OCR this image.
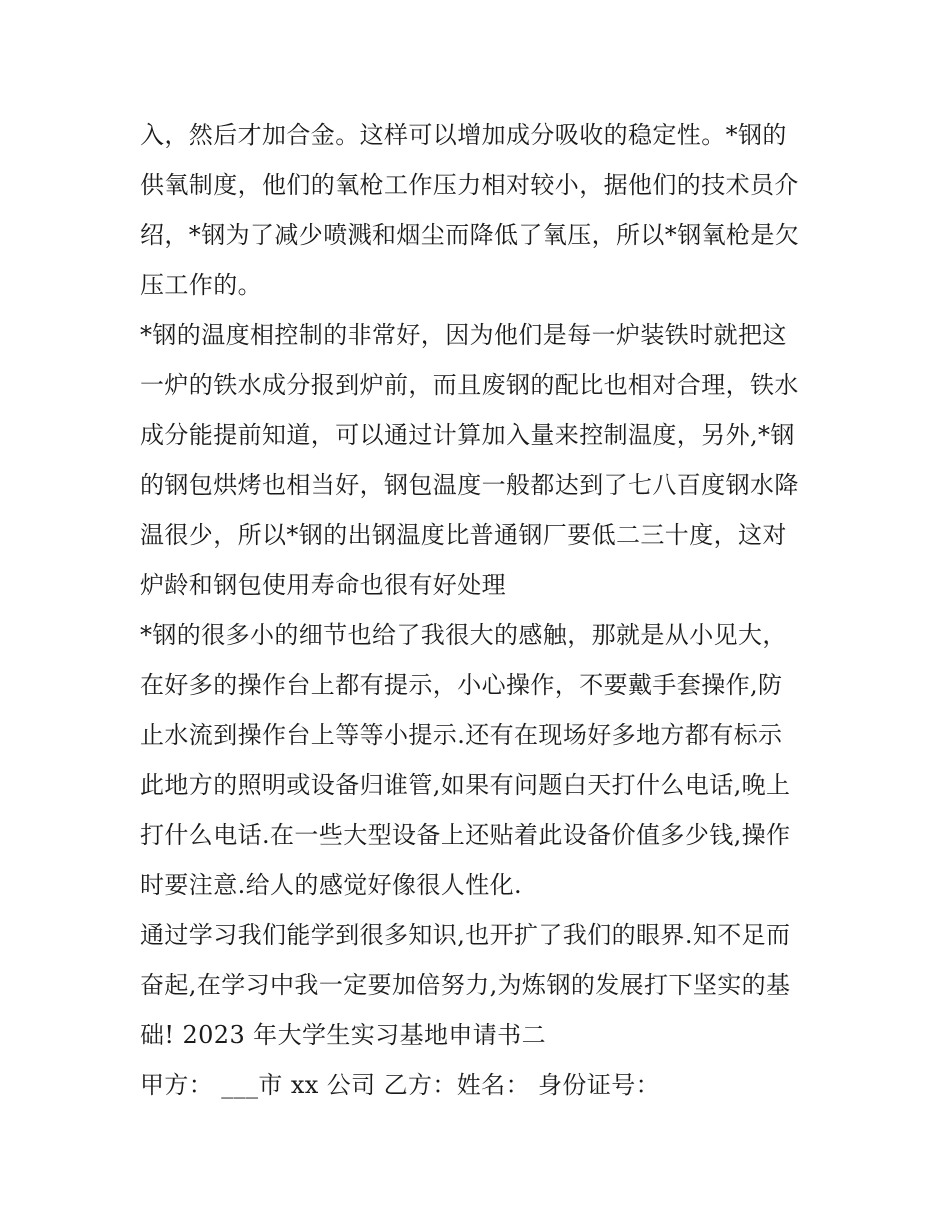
入，然后才加合金。这样可以增加成分吸收的稳定性。*钢的
供氧制度，他们的氧枪工作压力相对较小，据他们的技术员介
绍，*钢为了减少喷溅和烟尘而降低了氧压，所以*钢氧枪是欠
压工作的。
*钢的温度相控制的非常好，因为他们是每一炉装铁时就把这
一炉的铁水成分报到炉前，而且废钢的配比也相对合理，铁水
成分能提前知道，可以通过计算加入量来控制温度，另外,*钢
的钢包烘烤也相当好，钢包温度一般都达到了七八百度钢水降
温很少，所以*钢的出钢温度比普通钢厂要低二三十度，这对
炉龄和钢包使用寿命也很有好处理
*钢的很多小的细节也给了我很大的感触，那就是从小见大，
在好多的操作台上都有提示，小心操作，不要戴手套操作,防
止水流到操作台上等等小提示.还有在现场好多地方都有标示
此地方的照明或设备归谁管,如果有问题白天打什么电话,晚上
打什么电话.在一些大型设备上还贴着此设备价值多少钱,操作
时要注意.给人的感觉好像很人性化.
通过学习我们能学到很多知识,也开扩了我们的眼界.知不足而
奋起,在学习中我一定要加倍努力,为炼钢的发展打下坚实的基
础! 2023 年大学生实习基地申请书二
甲方： ___市 xx 公司 乙方：姓名： 身份证号：
